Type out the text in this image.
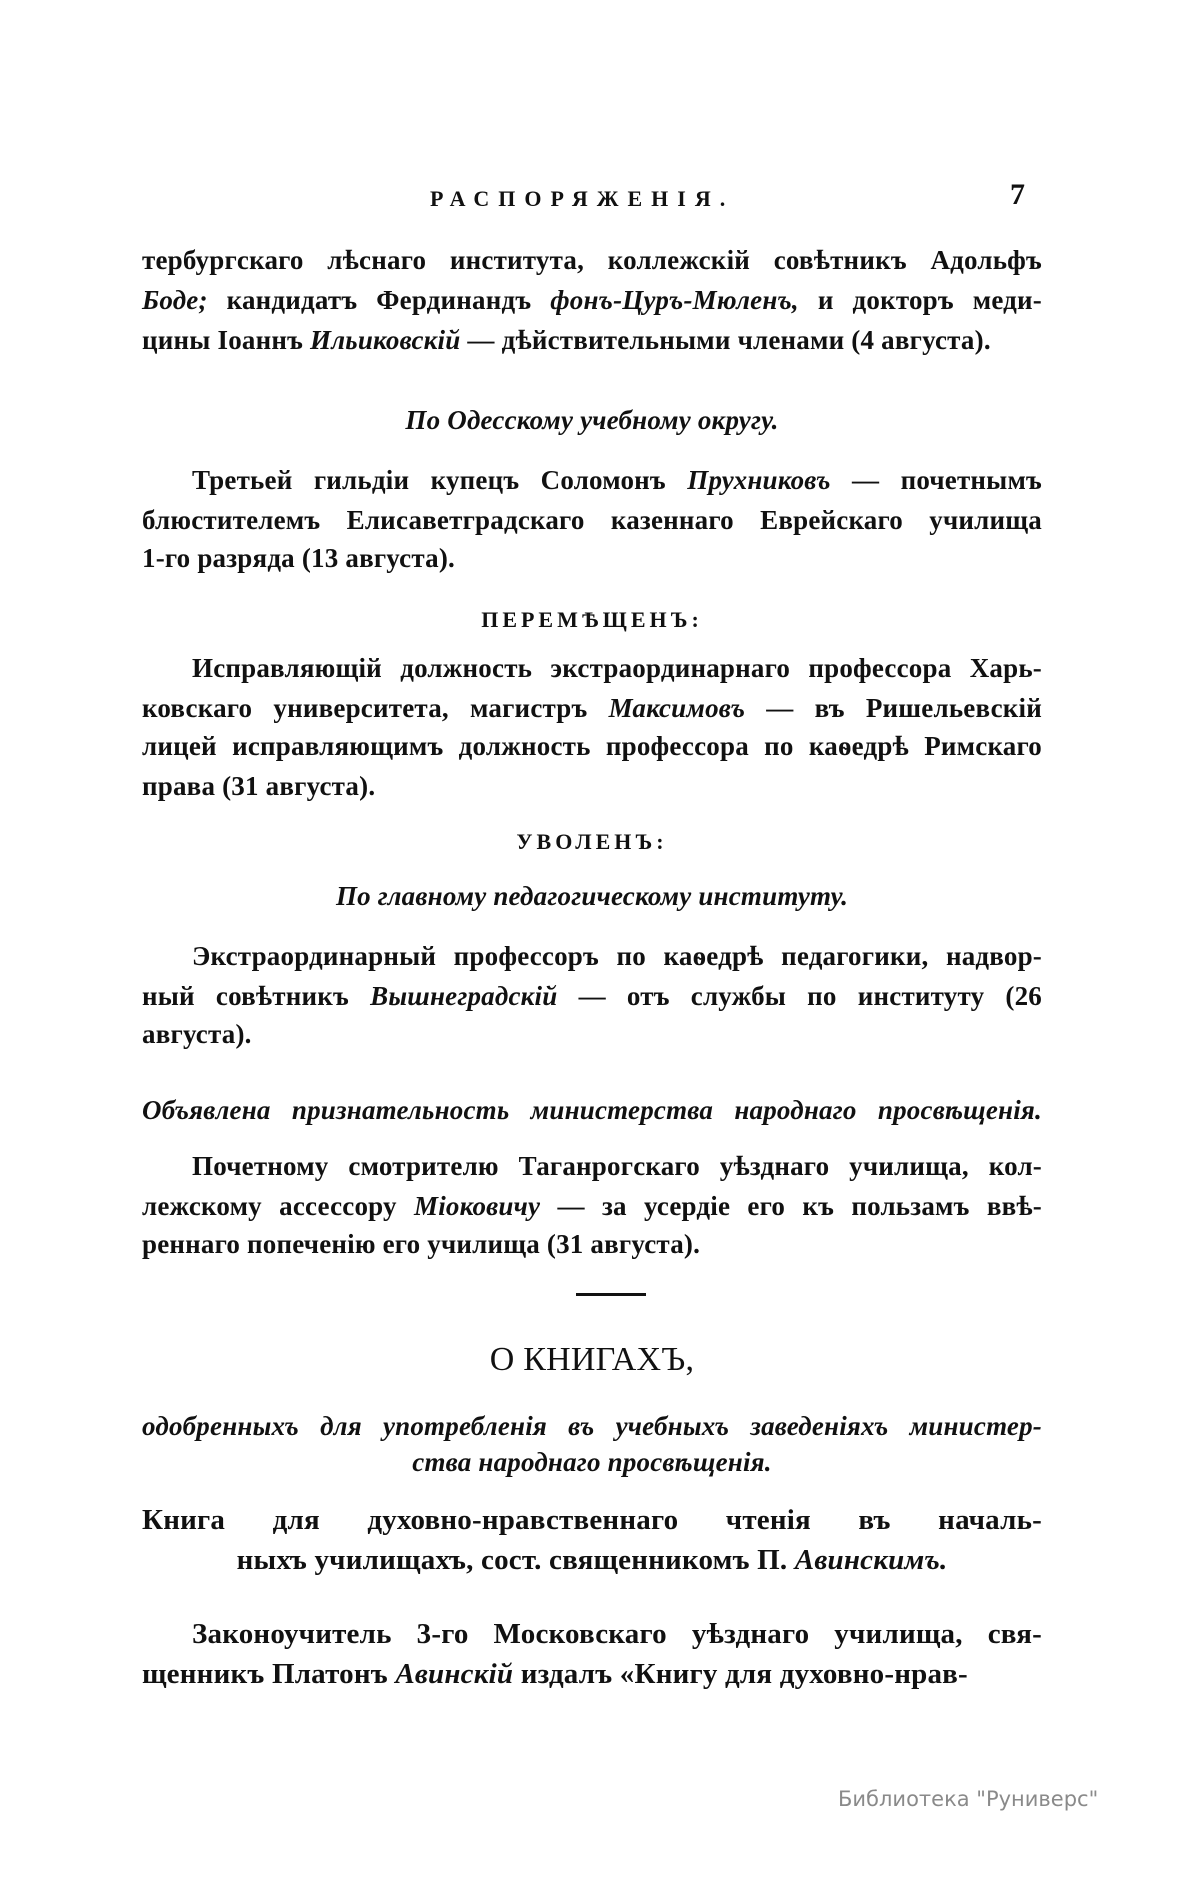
РАСПОРЯЖЕНІЯ.	7
Библиотека "Руниверс"
тербургскаго лѣснаго института, коллежскій совѣтникъ Адольфъ
Боде; кандидатъ Фердинандъ фонъ-Цуръ-Мюленъ, и докторъ меди-
цины Іоаннъ Ильиковскій — дѣйствительными членами (4 августа).
По Одесскому учебному округу.
Третьей гильдіи купецъ Соломонъ Прухниковъ — почетнымъ
блюстителемъ Елисаветградскаго казеннаго Еврейскаго училища
1-го разряда (13 августа).
ПЕРЕМѢЩЕНЪ:
Исправляющій должность экстраординарнаго профессора Харь-
ковскаго университета, магистръ Максимовъ — въ Ришельевскій
лицей исправляющимъ должность профессора по каѳедрѣ Римскаго
права (31 августа).
УВОЛЕНЪ:
По главному педагогическому институту.
Экстраординарный профессоръ по каѳедрѣ педагогики, надвор-
ный совѣтникъ Вышнеградскій — отъ службы по институту (26
августа).
Объявлена признательность министерства народнаго просвѣщенія.
Почетному смотрителю Таганрогскаго уѣзднаго училища, кол-
лежскому ассессору Міоковичу — за усердіе его къ пользамъ ввѣ-
реннаго попеченію его училища (31 августа).
О КНИГАХЪ,
одобренныхъ для употребленія въ учебныхъ заведеніяхъ министер-
ства народнаго просвѣщенія.
Книга для духовно-нравственнаго чтенія въ началь-
ныхъ училищахъ, сост. священникомъ П. Авинскимъ.
Законоучитель 3-го Московскаго уѣзднаго училища, свя-
щенникъ Платонъ Авинскій издалъ «Книгу для духовно-нрав-
